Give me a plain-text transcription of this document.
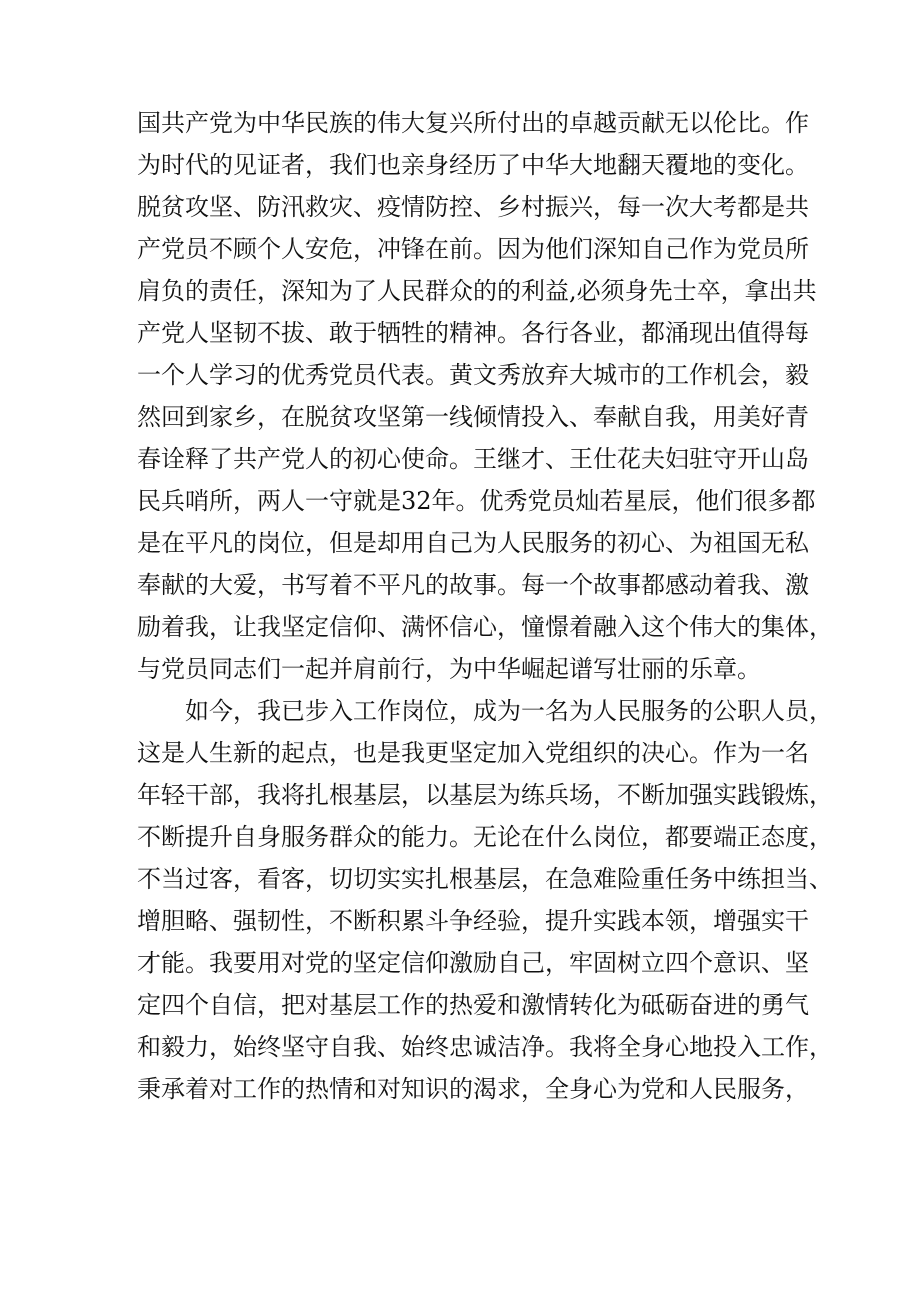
国共产党为中华民族的伟大复兴所付出的卓越贡献无以伦比。作
为时代的见证者，我们也亲身经历了中华大地翻天覆地的变化。
脱贫攻坚、防汛救灾、疫情防控、乡村振兴，每一次大考都是共
产党员不顾个人安危，冲锋在前。因为他们深知自己作为党员所
肩负的责任，深知为了人民群众的的利益,必须身先士卒，拿出共
产党人坚韧不拔、敢于牺牲的精神。各行各业，都涌现出值得每
一个人学习的优秀党员代表。黄文秀放弃大城市的工作机会，毅
然回到家乡，在脱贫攻坚第一线倾情投入、奉献自我，用美好青
春诠释了共产党人的初心使命。王继才、王仕花夫妇驻守开山岛
民兵哨所，两人一守就是32年。优秀党员灿若星辰，他们很多都
是在平凡的岗位，但是却用自己为人民服务的初心、为祖国无私
奉献的大爱，书写着不平凡的故事。每一个故事都感动着我、激
励着我，让我坚定信仰、满怀信心，憧憬着融入这个伟大的集体，
与党员同志们一起并肩前行，为中华崛起谱写壮丽的乐章。
如今，我已步入工作岗位，成为一名为人民服务的公职人员，
这是人生新的起点，也是我更坚定加入党组织的决心。作为一名
年轻干部，我将扎根基层，以基层为练兵场，不断加强实践锻炼，
不断提升自身服务群众的能力。无论在什么岗位，都要端正态度，
不当过客，看客，切切实实扎根基层，在急难险重任务中练担当、
增胆略、强韧性，不断积累斗争经验，提升实践本领，增强实干
才能。我要用对党的坚定信仰激励自己，牢固树立四个意识、坚
定四个自信，把对基层工作的热爱和激情转化为砥砺奋进的勇气
和毅力，始终坚守自我、始终忠诚洁净。我将全身心地投入工作，
秉承着对工作的热情和对知识的渴求，全身心为党和人民服务，
